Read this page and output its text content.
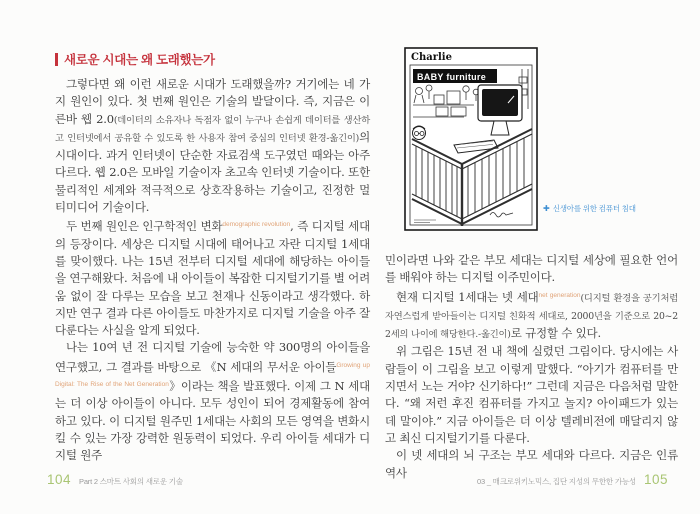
새로운 시대는 왜 도래했는가

그렇다면 왜 이런 새로운 시대가 도래했을까? 거기에는 네 가지 원인이 있다. 첫 번째 원인은 기술의 발달이다. 즉, 지금은 이른바 웹 2.0(데이터의 소유자나 독점자 없이 누구나 손쉽게 데이터를 생산하고 인터넷에서 공유할 수 있도록 한 사용자 참여 중심의 인터넷 환경-옮긴이)의 시대이다. 과거 인터넷이 단순한 자료검색 도구였던 때와는 아주 다르다. 웹 2.0은 모바일 기술이자 초고속 인터넷 기술이다. 또한 물리적인 세계와 적극적으로 상호작용하는 기술이고, 진정한 멀티미디어 기술이다.

두 번째 원인은 인구학적인 변화$^{demographic revolution}$, 즉 디지털 세대의 등장이다. 세상은 디지털 시대에 태어나고 자란 디지털 1세대를 맞이했다. 나는 15년 전부터 디지털 세대에 해당하는 아이들을 연구해왔다. 처음에 내 아이들이 복잡한 디지털기기를 별 어려움 없이 잘 다루는 모습을 보고 천재나 신동이라고 생각했다. 하지만 연구 결과 다른 아이들도 마찬가지로 디지털 기술을 아주 잘 다룬다는 사실을 알게 되었다.

나는 10여 년 전 디지털 기술에 능숙한 약 300명의 아이들을 연구했고, 그 결과를 바탕으로 《N 세대의 무서운 아이들$^{Growing up Digital: The Rise of the Net Generation}$》이라는 책을 발표했다. 이제 그 N 세대는 더 이상 아이들이 아니다. 모두 성인이 되어 경제활동에 참여하고 있다. 이 디지털 원주민 1세대는 사회의 모든 영역을 변화시킬 수 있는 가장 강력한 원동력이 되었다. 우리 아이들 세대가 디지털 원주

Charlie
BABY furniture
✚ 신생아를 위한 컴퓨터 침대

민이라면 나와 같은 부모 세대는 디지털 세상에 필요한 언어를 배워야 하는 디지털 이주민이다.

현재 디지털 1세대는 넷 세대$^{net generation}$(디지털 환경을 공기처럼 자연스럽게 받아들이는 디지털 친화적 세대로, 2000년을 기준으로 20~22세의 나이에 해당한다.-옮긴이)로 규정할 수 있다.

위 그림은 15년 전 내 책에 실렸던 그림이다. 당시에는 사람들이 이 그림을 보고 이렇게 말했다. “아기가 컴퓨터를 만지면서 노는 거야? 신기하다!” 그런데 지금은 다음처럼 말한다. “왜 저런 후진 컴퓨터를 가지고 놀지? 아이패드가 있는데 말이야.” 지금 아이들은 더 이상 텔레비전에 매달리지 않고 최신 디지털기기를 다룬다.

이 넷 세대의 뇌 구조는 부모 세대와 다르다. 지금은 인류 역사

104 Part 2 스마트 사회의 새로운 기술	03 _ 매크로위키노믹스, 집단 지성의 무한한 가능성 105
